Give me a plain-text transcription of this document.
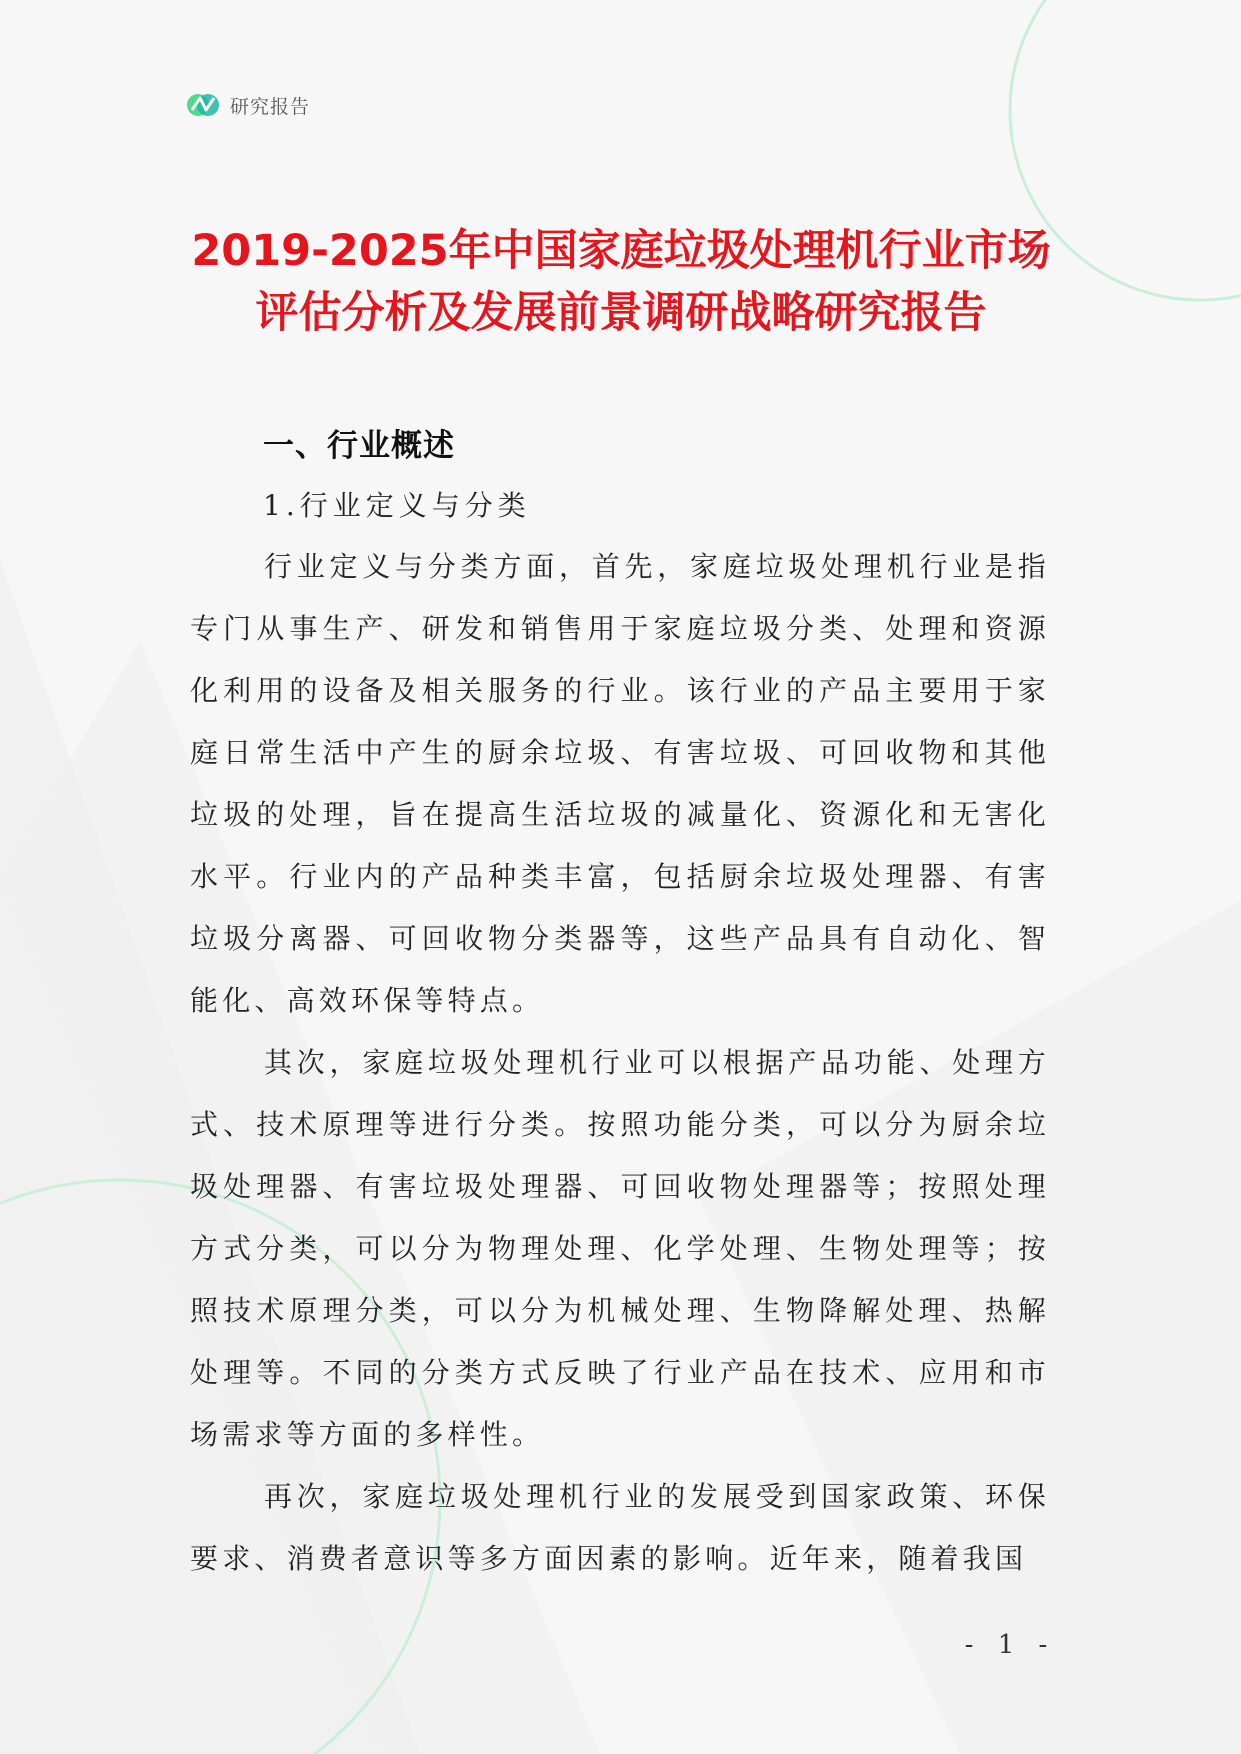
研究报告
2019-2025年中国家庭垃圾处理机行业市场
评估分析及发展前景调研战略研究报告
一、行业概述
1.行业定义与分类

行业定义与分类方面，首先，家庭垃圾处理机行业是指专门从事生产、研发和销售用于家庭垃圾分类、处理和资源化利用的设备及相关服务的行业。该行业的产品主要用于家庭日常生活中产生的厨余垃圾、有害垃圾、可回收物和其他垃圾的处理，旨在提高生活垃圾的减量化、资源化和无害化水平。行业内的产品种类丰富，包括厨余垃圾处理器、有害垃圾分离器、可回收物分类器等，这些产品具有自动化、智能化、高效环保等特点。

其次，家庭垃圾处理机行业可以根据产品功能、处理方式、技术原理等进行分类。按照功能分类，可以分为厨余垃圾处理器、有害垃圾处理器、可回收物处理器等；按照处理方式分类，可以分为物理处理、化学处理、生物处理等；按照技术原理分类，可以分为机械处理、生物降解处理、热解处理等。不同的分类方式反映了行业产品在技术、应用和市场需求等方面的多样性。

再次，家庭垃圾处理机行业的发展受到国家政策、环保要求、消费者意识等多方面因素的影响。近年来，随着我国

- 1 -
